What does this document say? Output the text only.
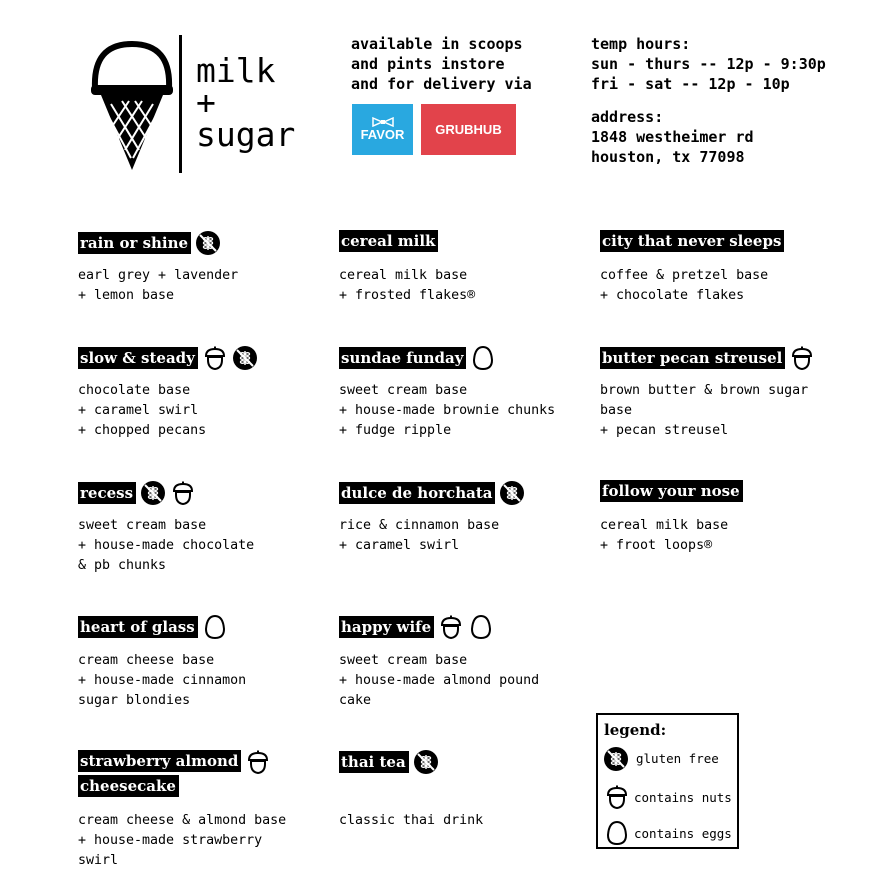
milk
+
sugar
available in scoops
and pints instore
and for delivery via
FAVOR GRUBHUB
temp hours:
sun - thurs -- 12p - 9:30p
fri - sat -- 12p - 10p
address:
1848 westheimer rd
houston, tx 77098
rain or shine
earl grey + lavender
+ lemon base
cereal milk
cereal milk base
+ frosted flakes®
city that never sleeps
coffee & pretzel base
+ chocolate flakes
slow & steady
chocolate base
+ caramel swirl
+ chopped pecans
sundae funday
sweet cream base
+ house-made brownie chunks
+ fudge ripple
butter pecan streusel
brown butter & brown sugar
base
+ pecan streusel
recess
sweet cream base
+ house-made chocolate
& pb chunks
dulce de horchata
rice & cinnamon base
+ caramel swirl
follow your nose
cereal milk base
+ froot loops®
heart of glass
cream cheese base
+ house-made cinnamon
sugar blondies
happy wife
sweet cream base
+ house-made almond pound
cake
strawberry almond
cheesecake
cream cheese & almond base
+ house-made strawberry
swirl
thai tea
classic thai drink
legend:
gluten free
contains nuts
contains eggs
